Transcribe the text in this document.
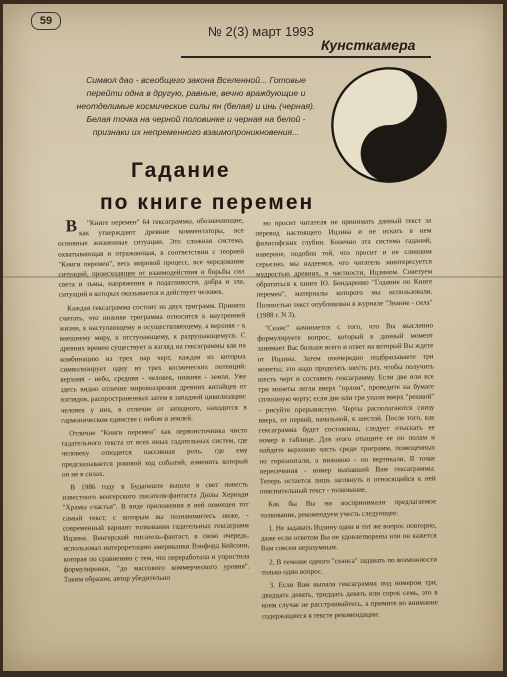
59
№ 2(3) март 1993
Кунсткамера
Символ дао - всеобщего закона Вселенной... Готовые перейти одна в другую, равные, вечно враждующие и неотделимые космические силы ян (белая) и инь (черная). Белая точка на черной половинке и черная на белой - признаки их непременного взаимопроникновения...
Гадание
по книге перемен

В "Книге перемен" 64 гексаграммы, обозначающие, как утверждают древние комментаторы, все основные жизненные ситуации. Это сложная система, охватывающая и отражающая, в соответствии с теорией "Книги перемен", весь мировой процесс, все чередование ситуаций, происходящее от взаимодействия и борьбы сил света и тьмы, напряжения и податливости, добра и зла, ситуаций в которых оказывается и действует человек.

Каждая гексаграмма состоит из двух триграмм. Принято считать, что нижняя триграмма относится к внутренней жизни, к наступающему и осуществляющему, а верхняя - к внешнему миру, к отступающему, к разрушающемуся. С древних времен существует и взгляд на гексаграммы как на комбинацию из трех пар черт, каждая из которых символизирует одну из трех космических потенций: верхняя - небо, средняя - человек, нижняя - земля. Уже здесь видно отличие мировоззрения древних китайцев от взглядов, распространенных затем в западной цивилизации: человек у них, в отличие от западного, находится в гармоническом единстве с небом и землей.

Отличие "Книги перемен" как первоисточника чисто гадательного текста от всех иных гадательных систем, где человеку отводится пассивная роль, где ему предсказывается роковой ход событий, изменить который он не в силах.

В 1986 году в Будапеште вышла в свет повесть известного венгерского писателя-фантаста Дюлы Хернади "Храмы счастья". В виде приложения в ней помещен тот самый текст, с которым вы познакомитесь ниже, - современный вариант толкования гадательных гексаграмм Ицзина. Венгерский писатель-фантаст, в свою очередь, использовал интерпретацию американки Вэнфорд Кейсонн, которая по сравнению с тем, что переработала и упростила формулировки, "до массового коммерческого уровня". Таким образом, автор убедительно

но просит читателя не принимать данный текст за перевод настоящего Ицзина и не искать в нем философских глубин. Конечно эта система гаданий, наверное, подобна той, что просит и не слишком серьезно, мы надеемся, что читатель заинтересуется мудростью древних, в частности, Ицзином. Советуем обратиться к книге Ю. Бондаренко "Гадание по Книге перемен", материалы которого мы использовали. Полностью текст опубликован в журнале "Знание - сила" (1988 г. N 3).

"Сеанс" начинается с того, что Вы мысленно формулируете вопрос, который в данный момент занимает Вас больше всего и ответ на который Вы ждете от Ицзина. Затем поочередно подбрасываете три монеты; это надо проделать шесть раз, чтобы получить шесть черт и составить гексаграмму. Если две или все три монеты легли вверх "орлом", проведите на бумаге сплошную черту; если две или три упали вверх "решкой" - рисуйте прерывистую. Черты располагаются снизу вверх, от первой, начальной, к шестой. После того, как гексаграмма будет составлена, следует отыскать ее номер в таблице. Для этого отыщите ее по полам и найдите верхнюю часть среди триграмм, помещенных по горизонтали, а нижнюю - по вертикали. В точке пересечения - номер выпавшей Вам гексаграммы. Теперь остается лишь заглянуть в относящийся к ней пояснительный текст - толкование.

Как бы Вы ни воспринимали предлагаемое толкование, рекомендуем учесть следующее:

1. Не задавать Ицзину один и тот же вопрос повторно, даже если ответом Вы не удовлетворены или он кажется Вам совсем неразумным.

2. В течение одного "сеанса" задавать по возможности только один вопрос.

3. Если Вам выпала гексаграмма под номером три, двадцать девять, тридцать девять или сорок семь, это в коем случае не расстраивайтесь, а примите во внимание содержащиеся в тексте рекомендации.
